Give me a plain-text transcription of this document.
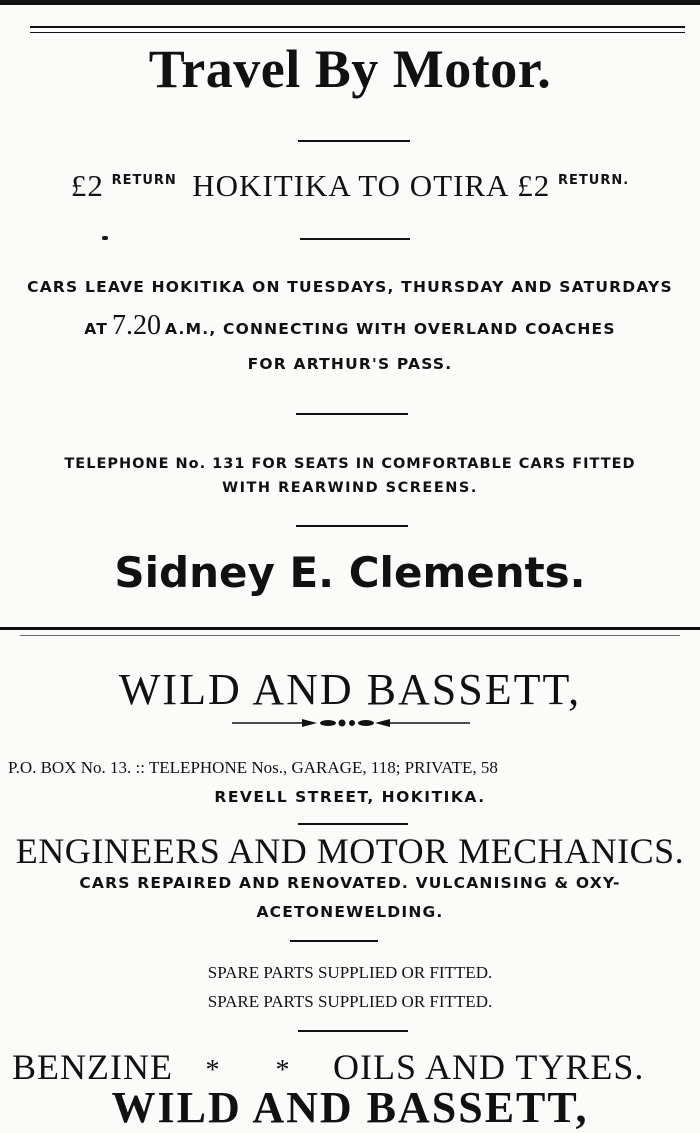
Travel By Motor.
£2 $^{RETURN}$ HOKITIKA TO OTIRA £2 $^{RETURN.}$
CARS LEAVE HOKITIKA ON TUESDAYS, THURSDAY AND SATURDAYS
AT 7.20 A.M., CONNECTING WITH OVERLAND COACHES
FOR ARTHUR'S PASS.
TELEPHONE No. 131 FOR SEATS IN COMFORTABLE CARS FITTED
WITH REARWIND SCREENS.
Sidney E. Clements.
WILD AND BASSETT,
P.O. BOX No. 13. :: TELEPHONE Nos., GARAGE, 118; PRIVATE, 58
REVELL STREET, HOKITIKA.
ENGINEERS AND MOTOR MECHANICS.
CARS REPAIRED AND RENOVATED. VULCANISING & OXY-
ACETONEWELDING.
SPARE PARTS SUPPLIED OR FITTED.
SPARE PARTS SUPPLIED OR FITTED.
BENZINE * * OILS AND TYRES.
WILD AND BASSETT,
